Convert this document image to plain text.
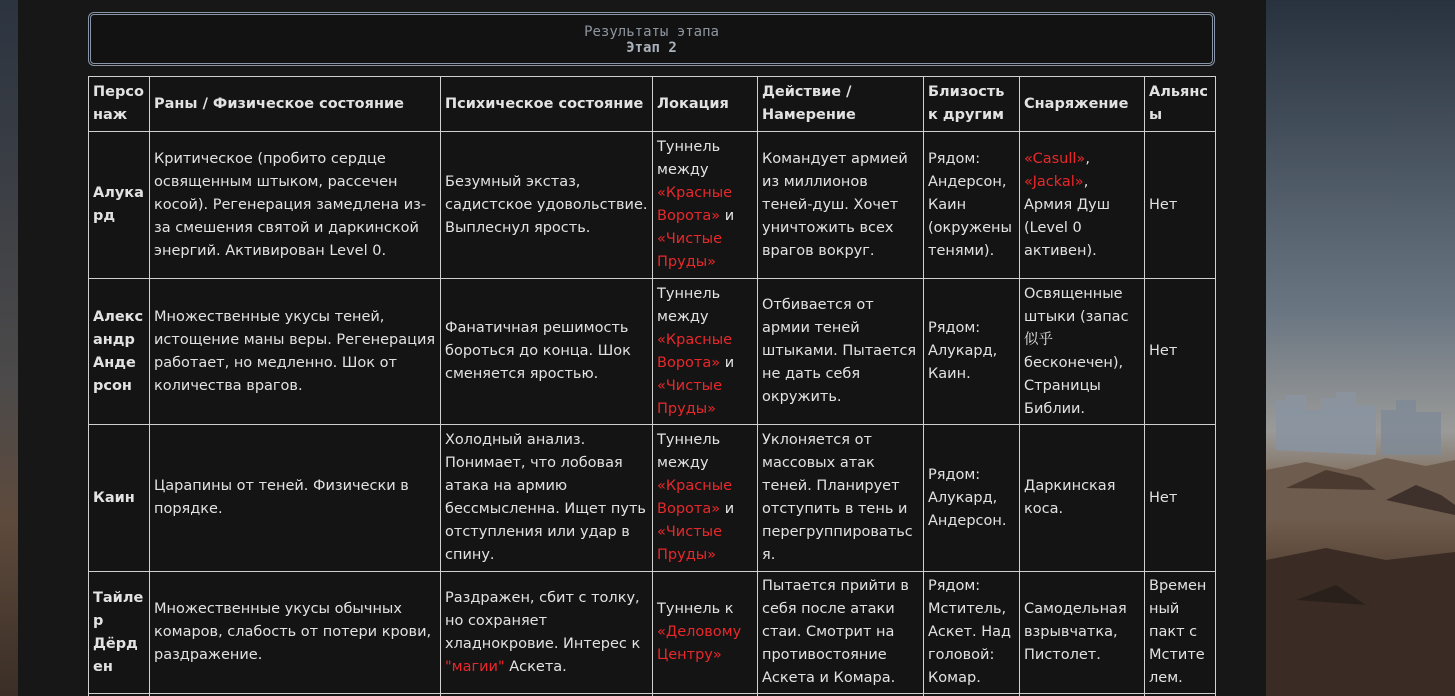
Результаты этапа
Этап 2
Персонаж	Раны / Физическое состояние	Психическое состояние	Локация	Действие / Намерение	Близость к другим	Снаряжение	Альянсы
Алукард	Критическое (пробито сердце освященным штыком, рассечен косой). Регенерация замедлена из-за смешения святой и даркинской энергий. Активирован Level 0.	Безумный экстаз, садистское удовольствие. Выплеснул ярость.	Туннель между «Красные Ворота» и «Чистые Пруды»	Командует армией из миллионов теней-душ. Хочет уничтожить всех врагов вокруг.	Рядом: Андерсон, Каин (окружены тенями).	«Casull», «Jackal», Армия Душ (Level 0 активен).	Нет
Александр Андерсон	Множественные укусы теней, истощение маны веры. Регенерация работает, но медленно. Шок от количества врагов.	Фанатичная решимость бороться до конца. Шок сменяется яростью.	Туннель между «Красные Ворота» и «Чистые Пруды»	Отбивается от армии теней штыками. Пытается не дать себя окружить.	Рядом: Алукард, Каин.	Освященные штыки (запас似乎 бесконечен), Страницы Библии.	Нет
Каин	Царапины от теней. Физически в порядке.	Холодный анализ. Понимает, что лобовая атака на армию бессмысленна. Ищет путь отступления или удар в спину.	Туннель между «Красные Ворота» и «Чистые Пруды»	Уклоняется от массовых атак теней. Планирует отступить в тень и перегруппироваться.	Рядом: Алукард, Андерсон.	Даркинская коса.	Нет
Тайлер Дёрден	Множественные укусы обычных комаров, слабость от потери крови, раздражение.	Раздражен, сбит с толку, но сохраняет хладнокровие. Интерес к "магии" Аскета.	Туннель к «Деловому Центру»	Пытается прийти в себя после атаки стаи. Смотрит на противостояние Аскета и Комара.	Рядом: Мститель, Аскет. Над головой: Комар.	Самодельная взрывчатка, Пистолет.	Временный пакт с Мстителем.
